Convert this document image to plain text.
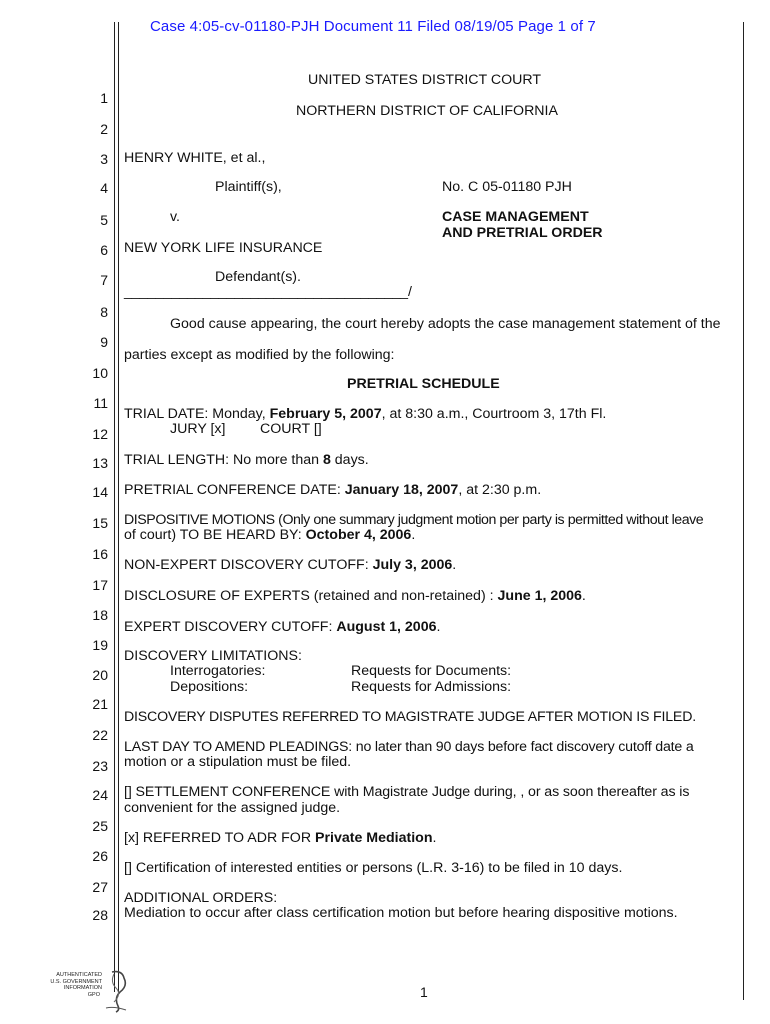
Case 4:05-cv-01180-PJH Document 11 Filed 08/19/05 Page 1 of 7
1
2
3
4
5
6
7
8
9
10
11
12
13
14
15
16
17
18
19
20
21
22
23
24
25
26
27
28
UNITED STATES DISTRICT COURT
NORTHERN DISTRICT OF CALIFORNIA
HENRY WHITE, et al.,
Plaintiff(s),	No. C 05-01180 PJH
v.	CASE MANAGEMENT
AND PRETRIAL ORDER
NEW YORK LIFE INSURANCE
Defendant(s).
____________________________________/
Good cause appearing, the court hereby adopts the case management statement of the
parties except as modified by the following:
PRETRIAL SCHEDULE
TRIAL DATE: Monday, February 5, 2007, at 8:30 a.m., Courtroom 3, 17th Fl.
JURY [x] COURT []
TRIAL LENGTH: No more than 8 days.
PRETRIAL CONFERENCE DATE: January 18, 2007, at 2:30 p.m.
DISPOSITIVE MOTIONS (Only one summary judgment motion per party is permitted without leave
of court) TO BE HEARD BY: October 4, 2006.
NON-EXPERT DISCOVERY CUTOFF: July 3, 2006.
DISCLOSURE OF EXPERTS (retained and non-retained) : June 1, 2006.
EXPERT DISCOVERY CUTOFF: August 1, 2006.
DISCOVERY LIMITATIONS:
Interrogatories:
Depositions:
Requests for Documents:
Requests for Admissions:
DISCOVERY DISPUTES REFERRED TO MAGISTRATE JUDGE AFTER MOTION IS FILED.
LAST DAY TO AMEND PLEADINGS: no later than 90 days before fact discovery cutoff date a
motion or a stipulation must be filed.
[] SETTLEMENT CONFERENCE with Magistrate Judge during, , or as soon thereafter as is
convenient for the assigned judge.
[x] REFERRED TO ADR FOR Private Mediation.
[] Certification of interested entities or persons (L.R. 3-16) to be filed in 10 days.
ADDITIONAL ORDERS:
Mediation to occur after class certification motion but before hearing dispositive motions.
1
AUTHENTICATED
U.S. GOVERNMENT
INFORMATION
GPO
